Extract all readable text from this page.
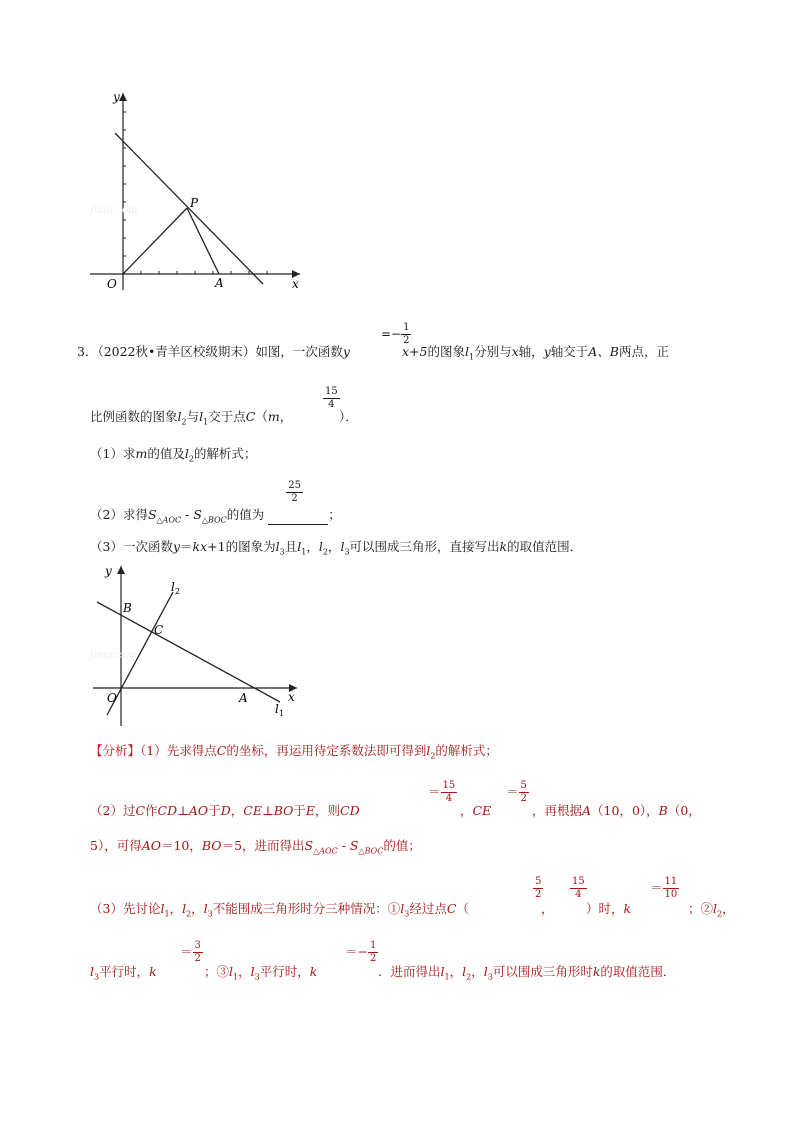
O
y
x
P
A
Jiner.com
3．（2022秋•青羊区校级期末）如图，一次函数y
=− $\frac{1}{2}$
x+5的图象$l_1$分别与x轴，y轴交于A、B两点，正
比例函数的图象$l_2$与$l_1$交于点C（m，
$\frac{15}{4}$
）．
（1）求m的值及$l_2$的解析式；
（2）求得$S_{\triangle AOC} - S_{\triangle BOC}$的值为
$\frac{25}{2}$
；
（3）一次函数y＝kx+1的图象为$l_3$且$l_1$，$l_2$，$l_3$可以围成三角形，直接写出k的取值范围．
O
y
x
B
C
A
$l_2$
$l_1$
Jiner.com
【分析】（1）先求得点C的坐标，再运用待定系数法即可得到$l_2$的解析式；
（2）过C作CD⊥AO于D，CE⊥BO于E，则CD
＝ $\frac{15}{4}$
，CE
＝ $\frac{5}{2}$
，再根据A（10，0），B（0，
5），可得AO＝10，BO＝5，进而得出$S_{\triangle AOC} - S_{\triangle BOC}$的值；
（3）先讨论$l_1$，$l_2$，$l_3$不能围成三角形时分三种情况：$①l_3$经过点C（
$\frac{5}{2}$
，
$\frac{15}{4}$
）时，k
＝ $\frac{11}{10}$
；$②l_2$，
$l_3$平行时，k
＝ $\frac{3}{2}$
；$③l_1$，$l_3$平行时，k
＝− $\frac{1}{2}$
．进而得出$l_1$，$l_2$，$l_3$可以围成三角形时k的取值范围．
